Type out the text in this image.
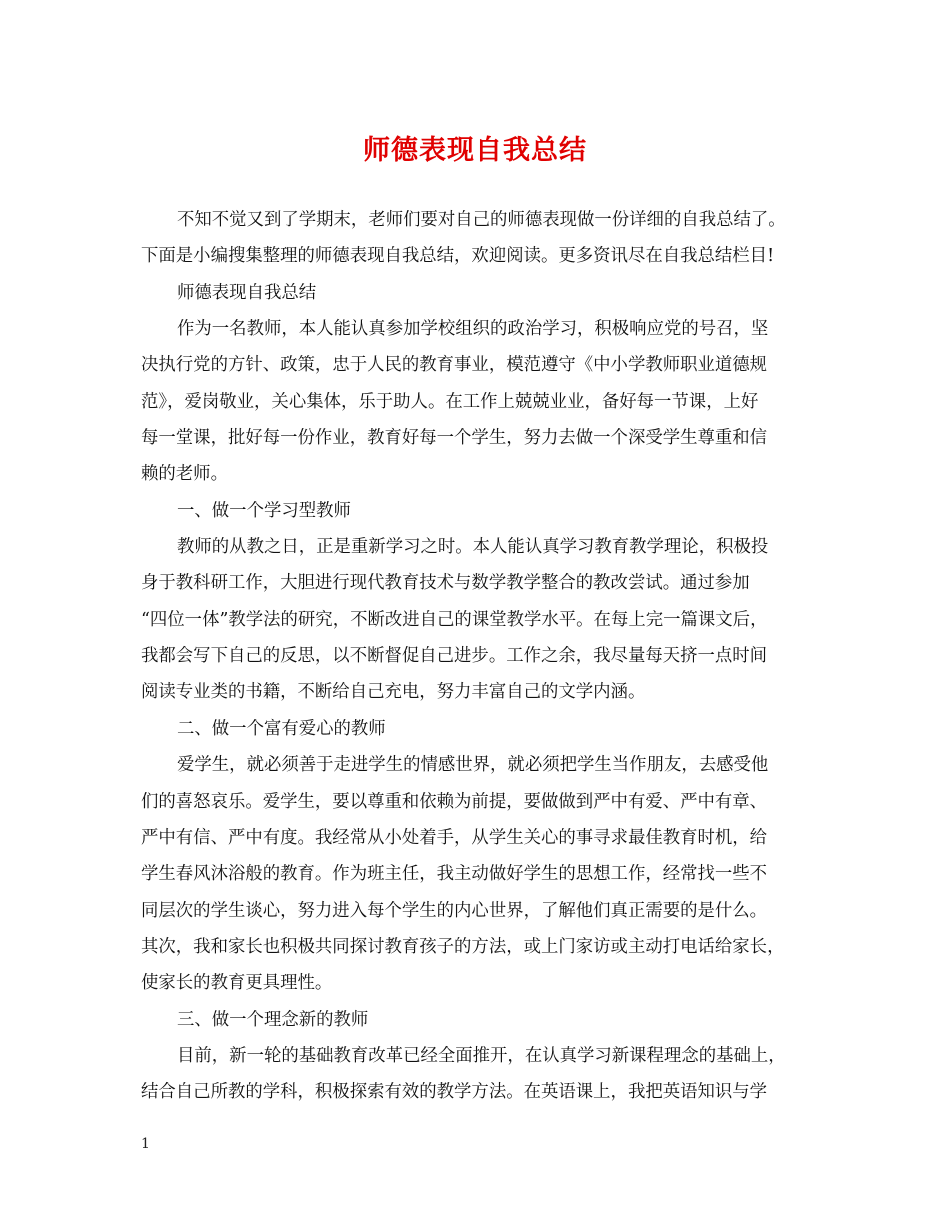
师德表现自我总结
不知不觉又到了学期末，老师们要对自己的师德表现做一份详细的自我总结了。
下面是小编搜集整理的师德表现自我总结，欢迎阅读。更多资讯尽在自我总结栏目!
师德表现自我总结
作为一名教师，本人能认真参加学校组织的政治学习，积极响应党的号召，坚
决执行党的方针、政策，忠于人民的教育事业，模范遵守《中小学教师职业道德规
范》，爱岗敬业，关心集体，乐于助人。在工作上兢兢业业，备好每一节课，上好
每一堂课，批好每一份作业，教育好每一个学生，努力去做一个深受学生尊重和信
赖的老师。
一、做一个学习型教师
教师的从教之日，正是重新学习之时。本人能认真学习教育教学理论，积极投
身于教科研工作，大胆进行现代教育技术与数学教学整合的教改尝试。通过参加
“四位一体”教学法的研究，不断改进自己的课堂教学水平。在每上完一篇课文后，
我都会写下自己的反思，以不断督促自己进步。工作之余，我尽量每天挤一点时间
阅读专业类的书籍，不断给自己充电，努力丰富自己的文学内涵。
二、做一个富有爱心的教师
爱学生，就必须善于走进学生的情感世界，就必须把学生当作朋友，去感受他
们的喜怒哀乐。爱学生，要以尊重和依赖为前提，要做做到严中有爱、严中有章、
严中有信、严中有度。我经常从小处着手，从学生关心的事寻求最佳教育时机，给
学生春风沐浴般的教育。作为班主任，我主动做好学生的思想工作，经常找一些不
同层次的学生谈心，努力进入每个学生的内心世界，了解他们真正需要的是什么。
其次，我和家长也积极共同探讨教育孩子的方法，或上门家访或主动打电话给家长，
使家长的教育更具理性。
三、做一个理念新的教师
目前，新一轮的基础教育改革已经全面推开，在认真学习新课程理念的基础上，
结合自己所教的学科，积极探索有效的教学方法。在英语课上，我把英语知识与学
1
